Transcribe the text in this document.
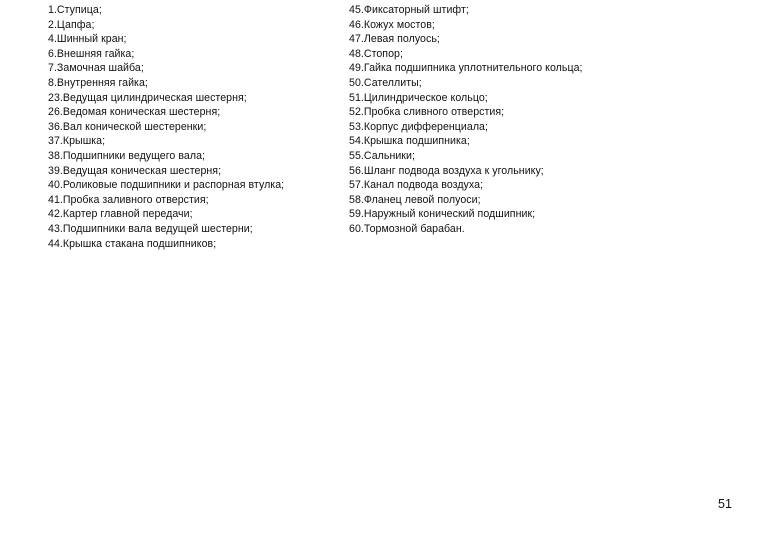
1.Ступица;
2.Цапфа;
4.Шинный кран;
6.Внешняя гайка;
7.Замочная шайба;
8.Внутренняя гайка;
23.Ведущая цилиндрическая шестерня;
26.Ведомая коническая шестерня;
36.Вал конической шестеренки;
37.Крышка;
38.Подшипники ведущего вала;
39.Ведущая коническая шестерня;
40.Роликовые подшипники и распорная втулка;
41.Пробка заливного отверстия;
42.Картер главной передачи;
43.Подшипники вала ведущей шестерни;
44.Крышка стакана подшипников;
45.Фиксаторный штифт;
46.Кожух мостов;
47.Левая полуось;
48.Стопор;
49.Гайка подшипника уплотнительного кольца;
50.Сателлиты;
51.Цилиндрическое кольцо;
52.Пробка сливного отверстия;
53.Корпус дифференциала;
54.Крышка подшипника;
55.Сальники;
56.Шланг подвода воздуха к угольнику;
57.Канал подвода воздуха;
58.Фланец левой полуоси;
59.Наружный конический подшипник;
60.Тормозной барабан.
51
